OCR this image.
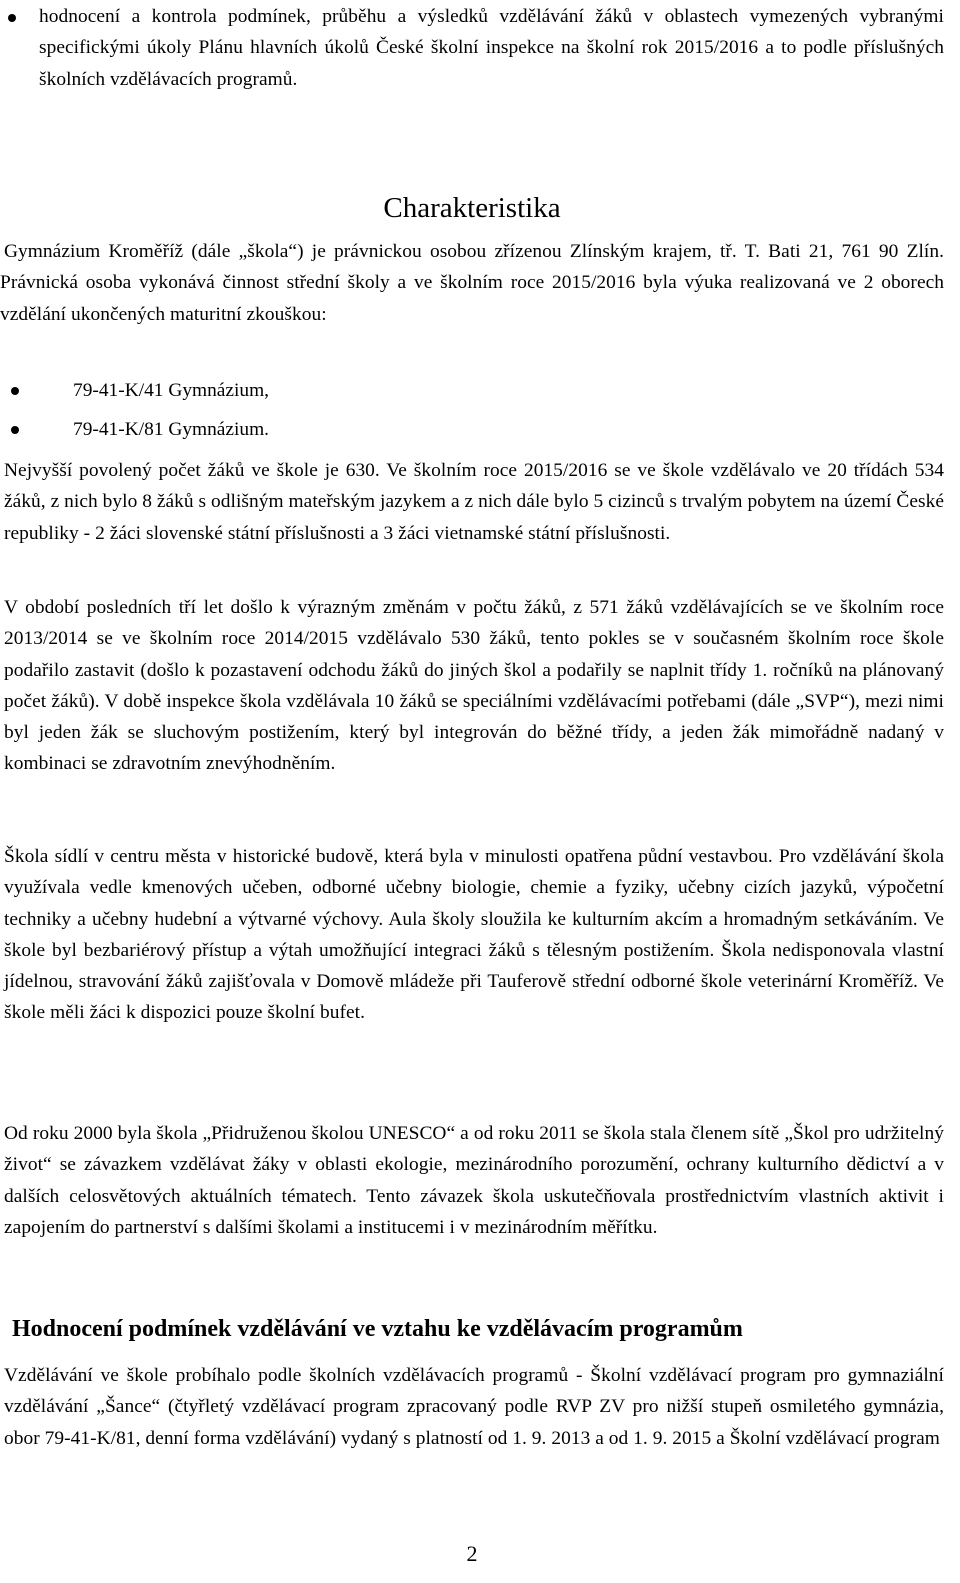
hodnocení a kontrola podmínek, průběhu a výsledků vzdělávání žáků v oblastech vymezených vybranými specifickými úkoly Plánu hlavních úkolů České školní inspekce na školní rok 2015/2016 a to podle příslušných školních vzdělávacích programů.

Charakteristika

Gymnázium Kroměříž (dále „škola“) je právnickou osobou zřízenou Zlínským krajem, tř. T. Bati 21, 761 90 Zlín. Právnická osoba vykonává činnost střední školy a ve školním roce 2015/2016 byla výuka realizovaná ve 2 oborech vzdělání ukončených maturitní zkouškou:

79-41-K/41 Gymnázium,
79-41-K/81 Gymnázium.

Nejvyšší povolený počet žáků ve škole je 630. Ve školním roce 2015/2016 se ve škole vzdělávalo ve 20 třídách 534 žáků, z nich bylo 8 žáků s odlišným mateřským jazykem a z nich dále bylo 5 cizinců s trvalým pobytem na území České republiky - 2 žáci slovenské státní příslušnosti a 3 žáci vietnamské státní příslušnosti.

V období posledních tří let došlo k výrazným změnám v počtu žáků, z 571 žáků vzdělávajících se ve školním roce 2013/2014 se ve školním roce 2014/2015 vzdělávalo 530 žáků, tento pokles se v současném školním roce škole podařilo zastavit (došlo k pozastavení odchodu žáků do jiných škol a podařily se naplnit třídy 1. ročníků na plánovaný počet žáků). V době inspekce škola vzdělávala 10 žáků se speciálními vzdělávacími potřebami (dále „SVP“), mezi nimi byl jeden žák se sluchovým postižením, který byl integrován do běžné třídy, a jeden žák mimořádně nadaný v kombinaci se zdravotním znevýhodněním.

Škola sídlí v centru města v historické budově, která byla v minulosti opatřena půdní vestavbou. Pro vzdělávání škola využívala vedle kmenových učeben, odborné učebny biologie, chemie a fyziky, učebny cizích jazyků, výpočetní techniky a učebny hudební a výtvarné výchovy. Aula školy sloužila ke kulturním akcím a hromadným setkáváním. Ve škole byl bezbariérový přístup a výtah umožňující integraci žáků s tělesným postižením. Škola nedisponovala vlastní jídelnou, stravování žáků zajišťovala v Domově mládeže při Tauferově střední odborné škole veterinární Kroměříž. Ve škole měli žáci k dispozici pouze školní bufet.

Od roku 2000 byla škola „Přidruženou školou UNESCO“ a od roku 2011 se škola stala členem sítě „Škol pro udržitelný život“ se závazkem vzdělávat žáky v oblasti ekologie, mezinárodního porozumění, ochrany kulturního dědictví a v dalších celosvětových aktuálních tématech. Tento závazek škola uskutečňovala prostřednictvím vlastních aktivit i zapojením do partnerství s dalšími školami a institucemi i v mezinárodním měřítku.

Hodnocení podmínek vzdělávání ve vztahu ke vzdělávacím programům

Vzdělávání ve škole probíhalo podle školních vzdělávacích programů - Školní vzdělávací program pro gymnaziální vzdělávání „Šance“ (čtyřletý vzdělávací program zpracovaný podle RVP ZV pro nižší stupeň osmiletého gymnázia, obor 79-41-K/81, denní forma vzdělávání) vydaný s platností od 1. 9. 2013 a od 1. 9. 2015 a Školní vzdělávací program

2
